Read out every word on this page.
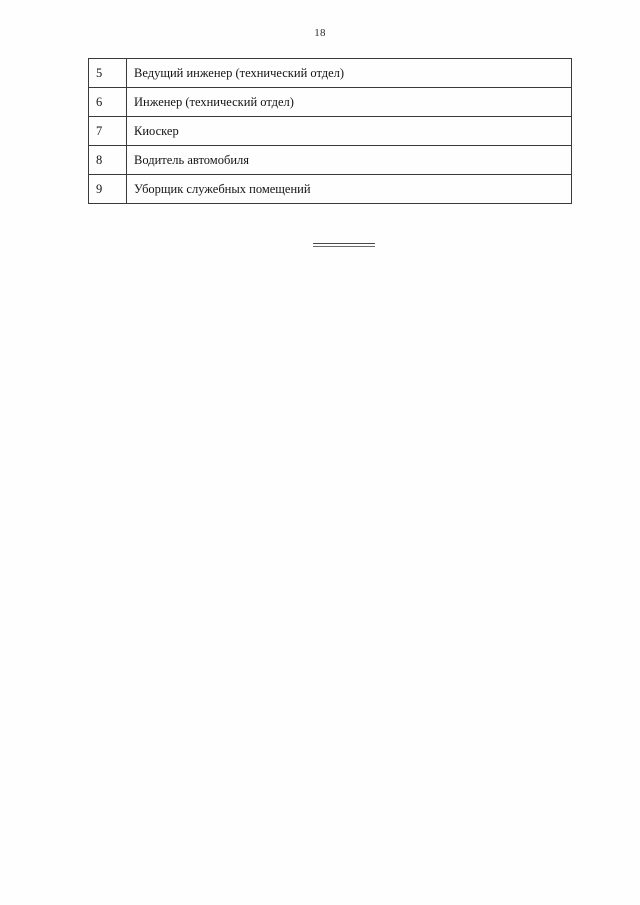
18
5	Ведущий инженер (технический отдел)
6	Инженер (технический отдел)
7	Киоскер
8	Водитель автомобиля
9	Уборщик служебных помещений
